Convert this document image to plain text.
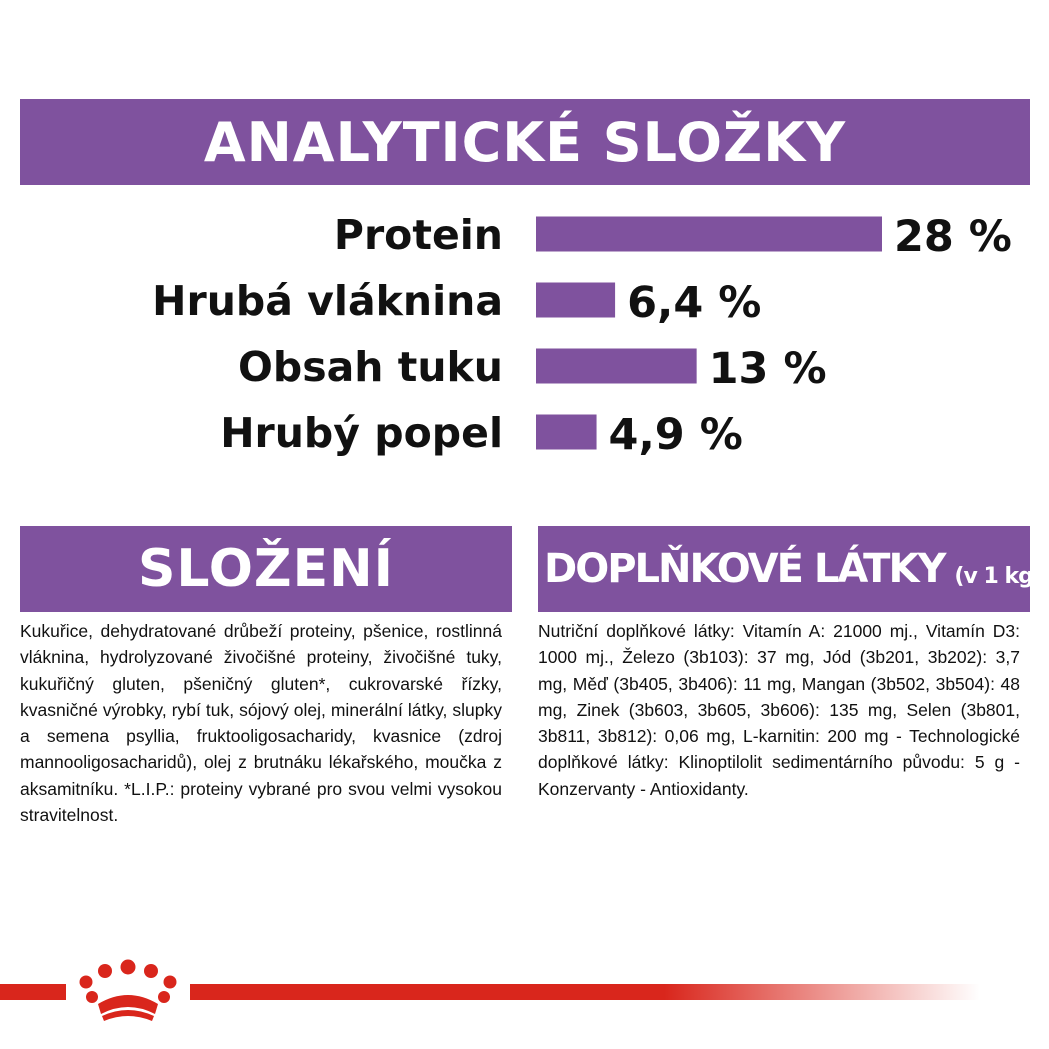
ANALYTICKÉ SLOŽKY
Protein	28 %
Hrubá vláknina	6,4 %
Obsah tuku	13 %
Hrubý popel 4,9 %
SLOŽENÍ

Kukuřice, dehydratované drůbeží proteiny, pšenice, rostlinná vláknina, hydrolyzované živočišné proteiny, živočišné tuky, kukuřičný gluten, pšeničný gluten*, cukrovarské řízky, kvasničné výrobky, rybí tuk, sójový olej, minerální látky, slupky a semena psyllia, fruktooligosacharidy, kvasnice (zdroj mannooligosacharidů), olej z brutnáku lékařského, moučka z aksamitníku. *L.I.P.: proteiny vybrané pro svou velmi vysokou stravitelnost.

DOPLŇKOVÉ LÁTKY (v 1 kg)

Nutriční doplňkové látky: Vitamín A: 21000 mj., Vitamín D3: 1000 mj., Železo (3b103): 37 mg, Jód (3b201, 3b202): 3,7 mg, Měď (3b405, 3b406): 11 mg, Mangan (3b502, 3b504): 48 mg, Zinek (3b603, 3b605, 3b606): 135 mg, Selen (3b801, 3b811, 3b812): 0,06 mg, L-karnitin: 200 mg - Technologické doplňkové látky: Klinoptilolit sedimentárního původu: 5 g - Konzervanty - Antioxidanty.
